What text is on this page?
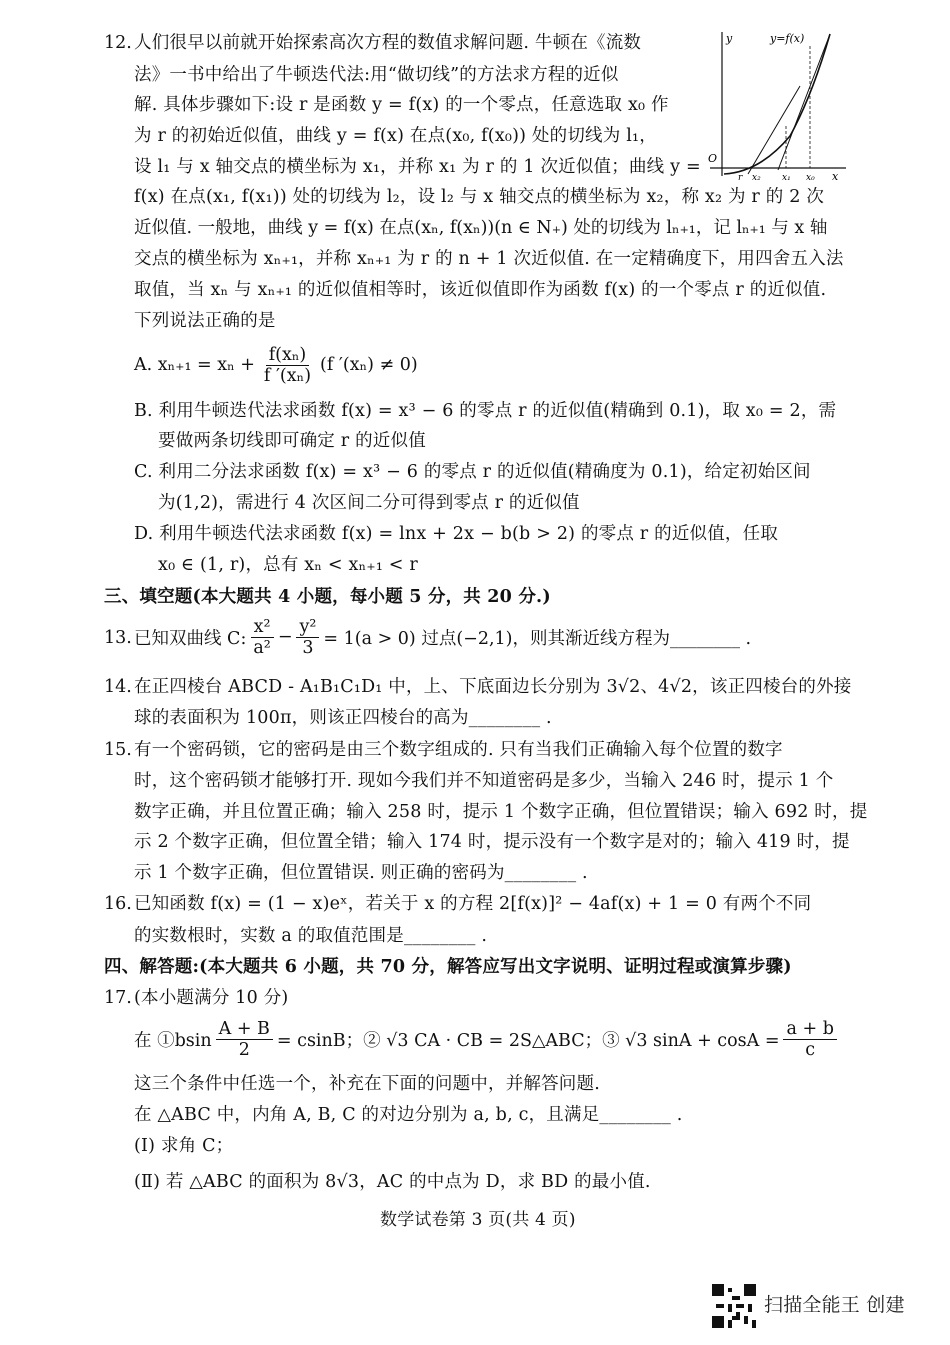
y	y=f(x)
O
x
r x₂ x₁ x₀
12. 人们很早以前就开始探索高次方程的数值求解问题. 牛顿在《流数
法》一书中给出了牛顿迭代法:用“做切线”的方法求方程的近似
解. 具体步骤如下:设 r 是函数 y = f(x) 的一个零点，任意选取 x₀ 作
为 r 的初始近似值，曲线 y = f(x) 在点(x₀, f(x₀)) 处的切线为 l₁，
设 l₁ 与 x 轴交点的横坐标为 x₁，并称 x₁ 为 r 的 1 次近似值；曲线 y =
f(x) 在点(x₁, f(x₁)) 处的切线为 l₂，设 l₂ 与 x 轴交点的横坐标为 x₂，称 x₂ 为 r 的 2 次
近似值. 一般地，曲线 y = f(x) 在点(xₙ, f(xₙ))(n ∈ N₊) 处的切线为 lₙ₊₁，记 lₙ₊₁ 与 x 轴
交点的横坐标为 xₙ₊₁，并称 xₙ₊₁ 为 r 的 n + 1 次近似值. 在一定精确度下，用四舍五入法
取值，当 xₙ 与 xₙ₊₁ 的近似值相等时，该近似值即作为函数 f(x) 的一个零点 r 的近似值.
下列说法正确的是
A. $x_{n+1} = x_n + \frac{\text{f(xₙ)}}{\text{f ′(xₙ)}} (f$ ′(xₙ) ≠ 0)
B. 利用牛顿迭代法求函数 f(x) = x³ − 6 的零点 r 的近似值(精确到 0.1)，取 x₀ = 2，需
要做两条切线即可确定 r 的近似值
C. 利用二分法求函数 f(x) = x³ − 6 的零点 r 的近似值(精确度为 0.1)，给定初始区间
为(1,2)，需进行 4 次区间二分可得到零点 r 的近似值
D. 利用牛顿迭代法求函数 f(x) = lnx + 2x − b(b > 2) 的零点 r 的近似值，任取
x₀ ∈ (1, r)，总有 xₙ < xₙ₊₁ < r
三、填空题(本大题共 4 小题，每小题 5 分，共 20 分.)
13. 已知双曲线 C: $\frac{\text{x²}}{\text{a²}} - \frac{\text{y²}}{3} = 1(a > 0)$ 过点(−2,1)，则其渐近线方程为________ .
14. 在正四棱台 ABCD - A₁B₁C₁D₁ 中，上、下底面边长分别为 3√2、4√2，该正四棱台的外接
球的表面积为 100π，则该正四棱台的高为________ .
15. 有一个密码锁，它的密码是由三个数字组成的. 只有当我们正确输入每个位置的数字
时，这个密码锁才能够打开. 现如今我们并不知道密码是多少，当输入 246 时，提示 1 个
数字正确，并且位置正确；输入 258 时，提示 1 个数字正确，但位置错误；输入 692 时，提
示 2 个数字正确，但位置全错；输入 174 时，提示没有一个数字是对的；输入 419 时，提
示 1 个数字正确，但位置错误. 则正确的密码为________ .
16. 已知函数 f(x) = (1 − x)eˣ，若关于 x 的方程 2[f(x)]² − 4af(x) + 1 = 0 有两个不同
的实数根时，实数 a 的取值范围是________ .
四、解答题:(本大题共 6 小题，共 70 分，解答应写出文字说明、证明过程或演算步骤)
17. (本小题满分 10 分)
在 ①bsin $\frac{A + B}{2} = csinB$；② √3 CA · CB = 2S△ABC；③ √3 $\sin A + \cos A = \frac{a + b}{c}$
这三个条件中任选一个，补充在下面的问题中，并解答问题.
在 △ABC 中，内角 A, B, C 的对边分别为 a, b, c，且满足________ .
(Ⅰ) 求角 C；
(Ⅱ) 若 △ABC 的面积为 8√3，AC 的中点为 D，求 BD 的最小值.
数学试卷第 3 页(共 4 页)
扫描全能王 创建
